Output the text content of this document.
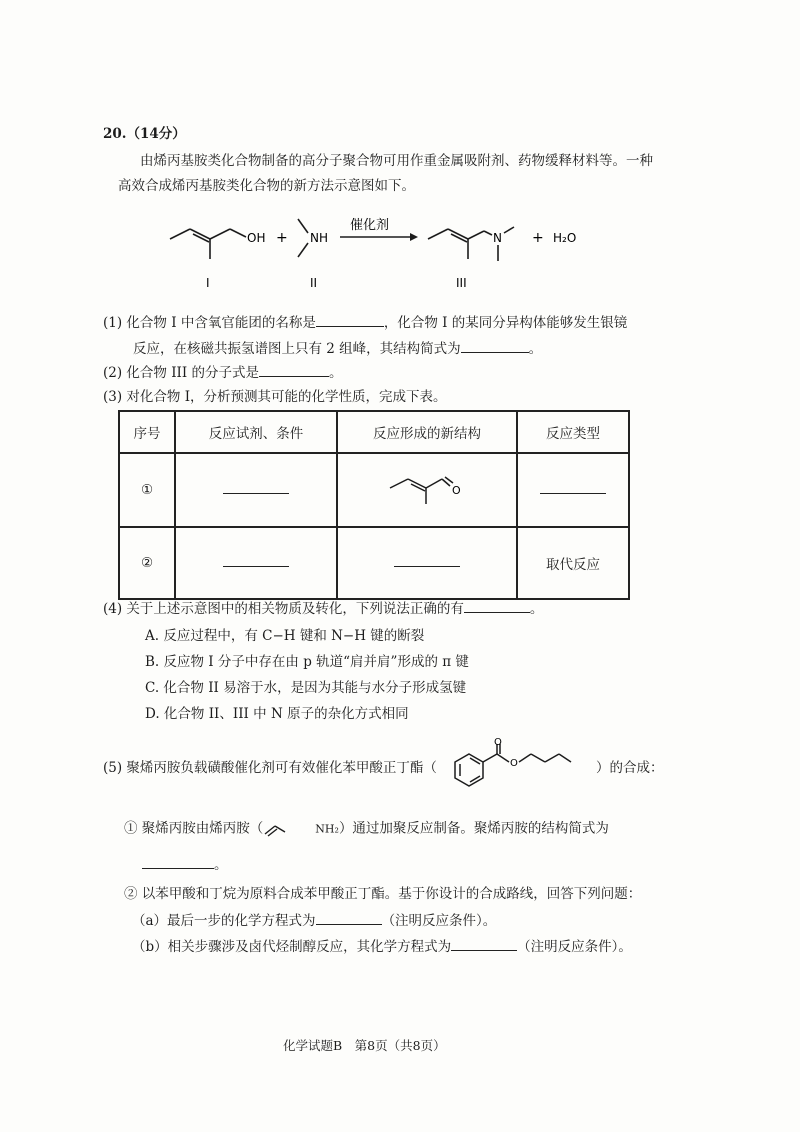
20.（14分）
由烯丙基胺类化合物制备的高分子聚合物可用作重金属吸附剂、药物缓释材料等。一种
高效合成烯丙基胺类化合物的新方法示意图如下。
OH + NH
催化剂
N + H₂O
I	II	III
(1) 化合物 I 中含氧官能团的名称是	，化合物 I 的某同分异构体能够发生银镜
反应，在核磁共振氢谱图上只有 2 组峰，其结构简式为	。
(2) 化合物 III 的分子式是	。
(3) 对化合物 I，分析预测其可能的化学性质，完成下表。
序号	反应试剂、条件	反应形成的新结构	反应类型
①		O	

②			取代反应
(4) 关于上述示意图中的相关物质及转化，下列说法正确的有	。
A. 反应过程中，有 C−H 键和 N−H 键的断裂
B. 反应物 I 分子中存在由 p 轨道“肩并肩”形成的 π 键
C. 化合物 II 易溶于水，是因为其能与水分子形成氢键
D. 化合物 II、III 中 N 原子的杂化方式相同
(5) 聚烯丙胺负载磺酸催化剂可有效催化苯甲酸正丁酯（
O
O	）的合成：
① 聚烯丙胺由烯丙胺（	NH₂）通过加聚反应制备。聚烯丙胺的结构简式为
。
② 以苯甲酸和丁烷为原料合成苯甲酸正丁酯。基于你设计的合成路线，回答下列问题：
（a）最后一步的化学方程式为	（注明反应条件）。
（b）相关步骤涉及卤代烃制醇反应，其化学方程式为	（注明反应条件）。
化学试题B　第8页（共8页）
